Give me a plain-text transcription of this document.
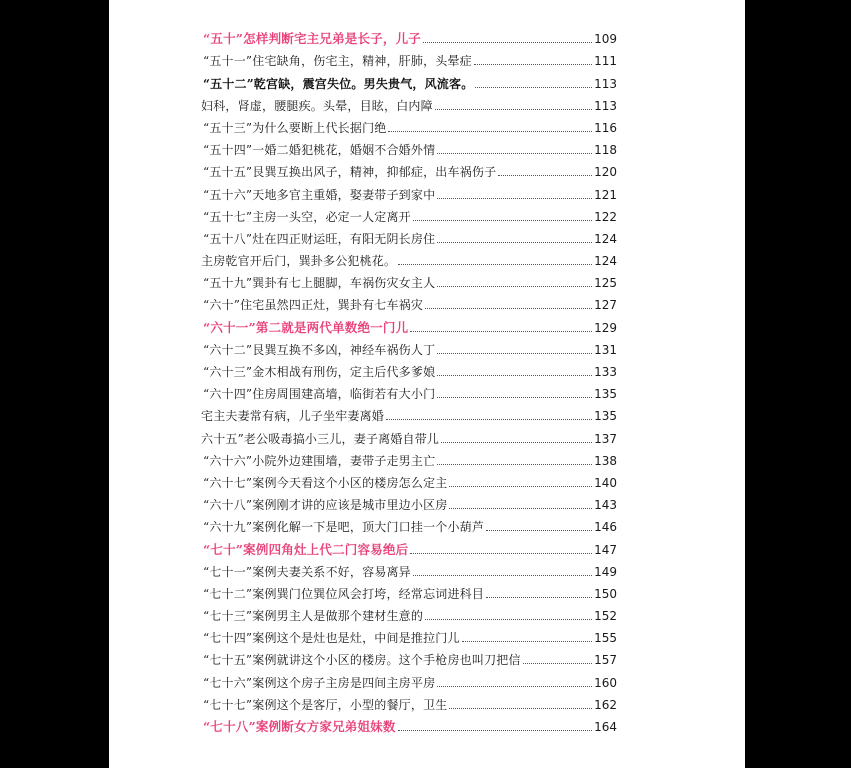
“五十”怎样判断宅主兄弟是长子，儿子	109
“五十一”住宅缺角，伤宅主，精神，肝肺，头晕症	111
“五十二”乾宫缺，震宫失位。男失贵气，风流客。	113
妇科，肾虚，腰腿疾。头晕，目眩，白内障	113
“五十三”为什么要断上代长据门绝	116
“五十四”一婚二婚犯桃花，婚姻不合婚外情	118
“五十五”艮巽互换出风子，精神，抑郁症，出车祸伤子	120
“五十六”天地多官主重婚，娶妻带子到家中	121
“五十七”主房一头空，必定一人定离开	122
“五十八”灶在四正财运旺，有阳无阴长房住	124
主房乾官开后门，巽卦多公犯桃花。	124
“五十九”巽卦有七上腿脚，车祸伤灾女主人	125
“六十”住宅虽然四正灶，巽卦有七车祸灾	127
“六十一”第二就是两代单数绝一门儿	129
“六十二”艮巽互换不多凶，神经车祸伤人丁	131
“六十三”金木相战有刑伤，定主后代多爹娘	133
“六十四”住房周围建高墙，临街若有大小门	135
宅主夫妻常有病，儿子坐牢妻离婚	135
六十五”老公吸毒搞小三儿，妻子离婚自带儿	137
“六十六”小院外边建围墙，妻带子走男主亡	138
“六十七”案例今天看这个小区的楼房怎么定主	140
“六十八”案例刚才讲的应该是城市里边小区房	143
“六十九”案例化解一下是吧，顶大门口挂一个小葫芦	146
“七十”案例四角灶上代二门容易绝后	147
“七十一”案例夫妻关系不好，容易离异	149
“七十二”案例巽门位巽位风会打垮，经常忘词进科目	150
“七十三”案例男主人是做那个建材生意的	152
“七十四”案例这个是灶也是灶，中间是推拉门儿	155
“七十五”案例就讲这个小区的楼房。这个手枪房也叫刀把信	157
“七十六”案例这个房子主房是四间主房平房	160
“七十七”案例这个是客厅，小型的餐厅，卫生	162
“七十八”案例断女方家兄弟姐妹数	164
